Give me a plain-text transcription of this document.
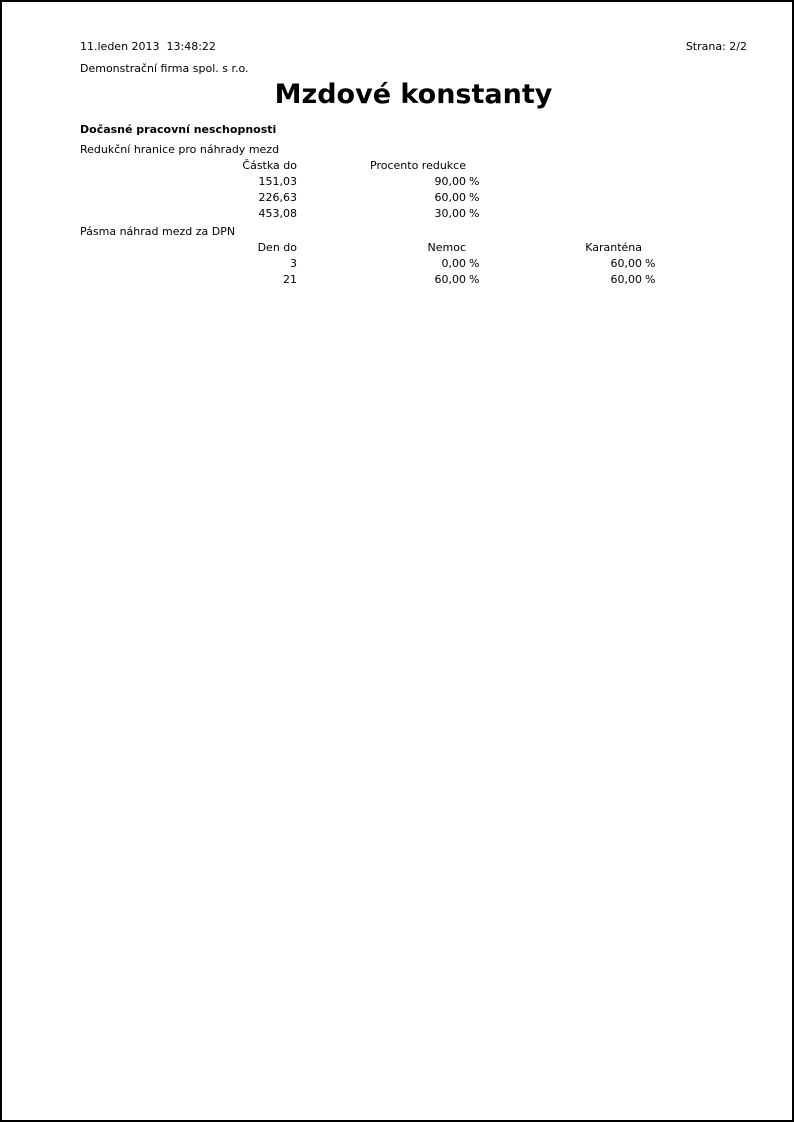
11.leden 2013  13:48:22	Strana: 2/2
Demonstrační firma spol. s r.o.
Mzdové konstanty
Dočasné pracovní neschopnosti
Redukční hranice pro náhrady mezd
Částka do	Procento redukce
151,03	90,00 %
226,63	60,00 %
453,08	30,00 %
Pásma náhrad mezd za DPN
Den do	Nemoc	Karanténa
3	0,00 %	60,00 %
21	60,00 %	60,00 %
